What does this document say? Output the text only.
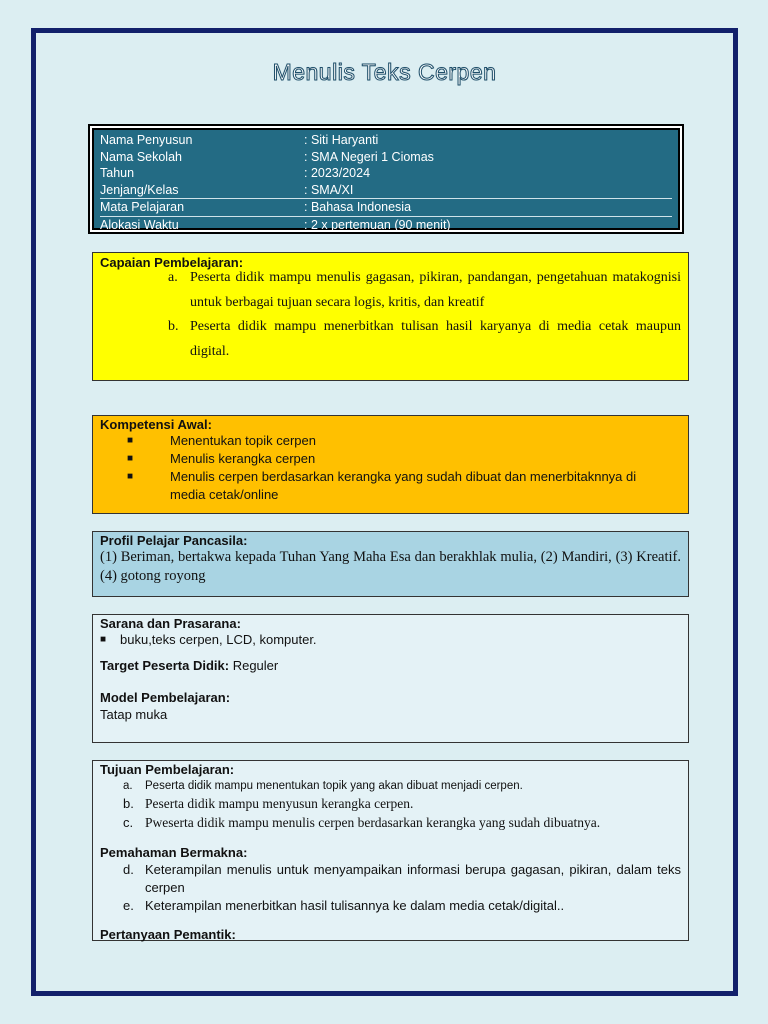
Menulis Teks Cerpen
Nama Penyusun	: Siti Haryanti
Nama Sekolah	: SMA Negeri 1 Ciomas
Tahun	: 2023/2024
Jenjang/Kelas	: SMA/XI
Mata Pelajaran	: Bahasa Indonesia
Alokasi Waktu	: 2 x pertemuan (90 menit)
Capaian Pembelajaran:
a. Peserta didik mampu menulis gagasan, pikiran, pandangan, pengetahuan matakognisi untuk berbagai tujuan secara logis, kritis, dan kreatif
b. Peserta didik mampu menerbitkan tulisan hasil karyanya di media cetak maupun digital.
Kompetensi Awal:
■	Menentukan topik cerpen
■	Menulis kerangka cerpen
■	Menulis cerpen berdasarkan kerangka yang sudah dibuat dan menerbitaknnya di media cetak/online
Profil Pelajar Pancasila:
(1) Beriman, bertakwa kepada Tuhan Yang Maha Esa dan berakhlak mulia, (2) Mandiri, (3) Kreatif. (4) gotong royong
Sarana dan Prasarana:
■	buku,teks cerpen, LCD, komputer.
Target Peserta Didik: Reguler
Model Pembelajaran:
Tatap muka
Tujuan Pembelajaran:
a.	Peserta didik mampu menentukan topik yang akan dibuat menjadi cerpen.
b. Peserta didik mampu menyusun kerangka cerpen.
c. Pweserta didik mampu menulis cerpen berdasarkan kerangka yang sudah dibuatnya.
Pemahaman Bermakna:
d. Keterampilan menulis untuk menyampaikan informasi berupa gagasan, pikiran, dalam teks cerpen
e. Keterampilan menerbitkan hasil tulisannya ke dalam media cetak/digital..
Pertanyaan Pemantik:
